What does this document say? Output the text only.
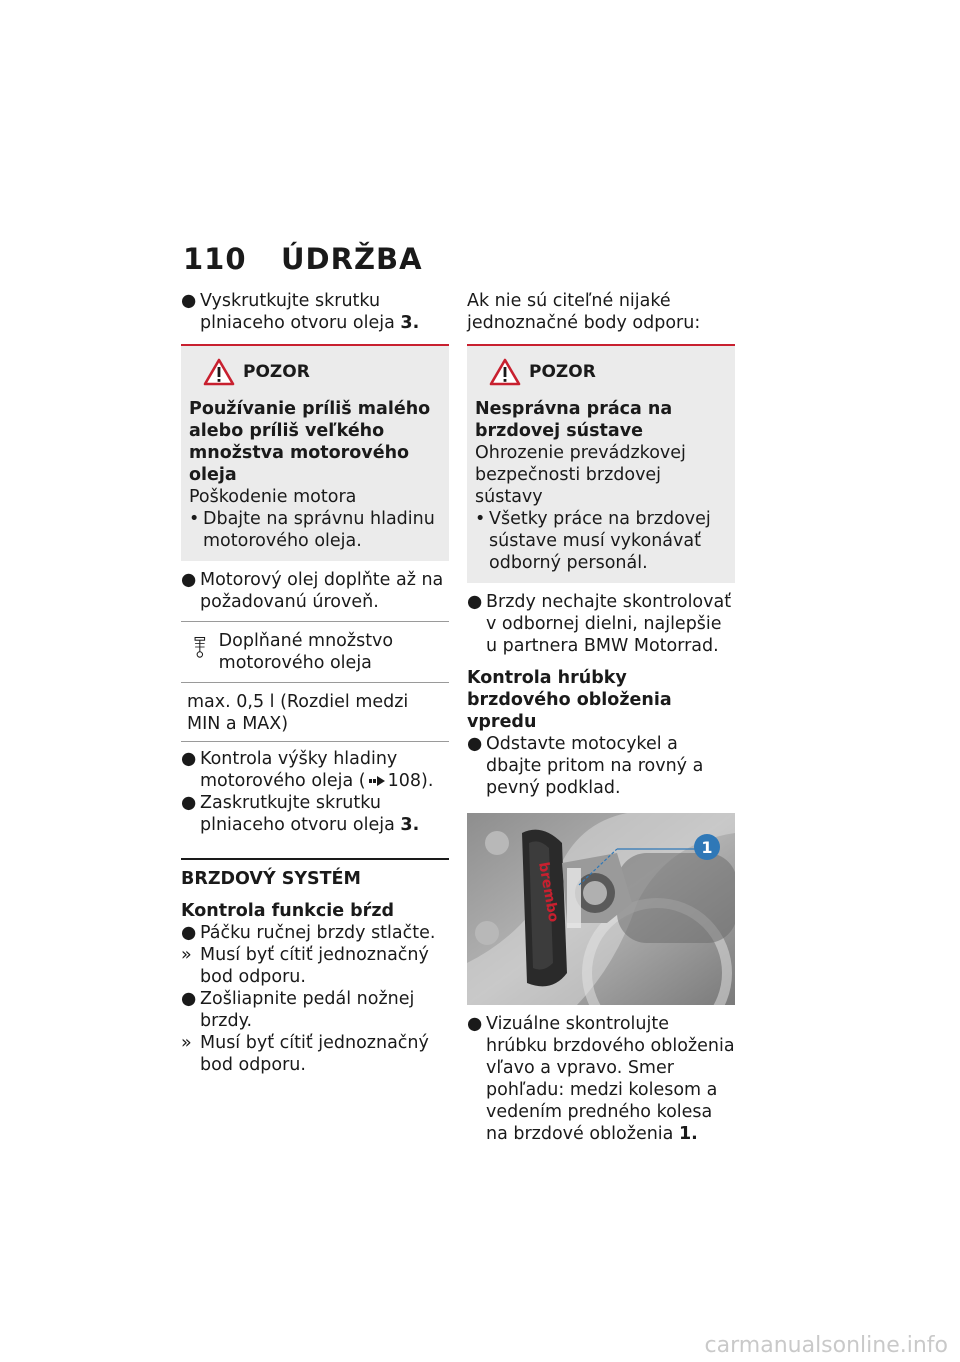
110 ÚDRŽBA
● Vyskrutkujte skrutku plniaceho otvoru oleja 3.
POZOR
Používanie príliš malého alebo príliš veľkého množstva motorového oleja
Poškodenie motora
• Dbajte na správnu hladinu motorového oleja.
● Motorový olej doplňte až na požadovanú úroveň.
Doplňané množstvo motorového oleja
max. 0,5 l (Rozdiel medzi MIN a MAX)
● Kontrola výšky hladiny motorového oleja ( 108).
● Zaskrutkujte skrutku plniaceho otvoru oleja 3.
BRZDOVÝ SYSTÉM
Kontrola funkcie bŕzd
● Páčku ručnej brzdy stlačte.
» Musí byť cítiť jednoznačný bod odporu.
● Zošliapnite pedál nožnej brzdy.
» Musí byť cítiť jednoznačný bod odporu.
Ak nie sú citeľné nijaké jednoznačné body odporu:
POZOR
Nesprávna práca na brzdovej sústave
Ohrozenie prevádzkovej bezpečnosti brzdovej sústavy
• Všetky práce na brzdovej sústave musí vykonávať odborný personál.
● Brzdy nechajte skontrolovať v odbornej dielni, najlepšie u partnera BMW Motorrad.
Kontrola hrúbky brzdového obloženia vpredu
● Odstavte motocykel a dbajte pritom na rovný a pevný podklad.
brembo
1
● Vizuálne skontrolujte hrúbku brzdového obloženia vľavo a vpravo. Smer pohľadu: medzi kolesom a vedením predného kolesa na brzdové obloženia 1.
carmanualsonline.info
